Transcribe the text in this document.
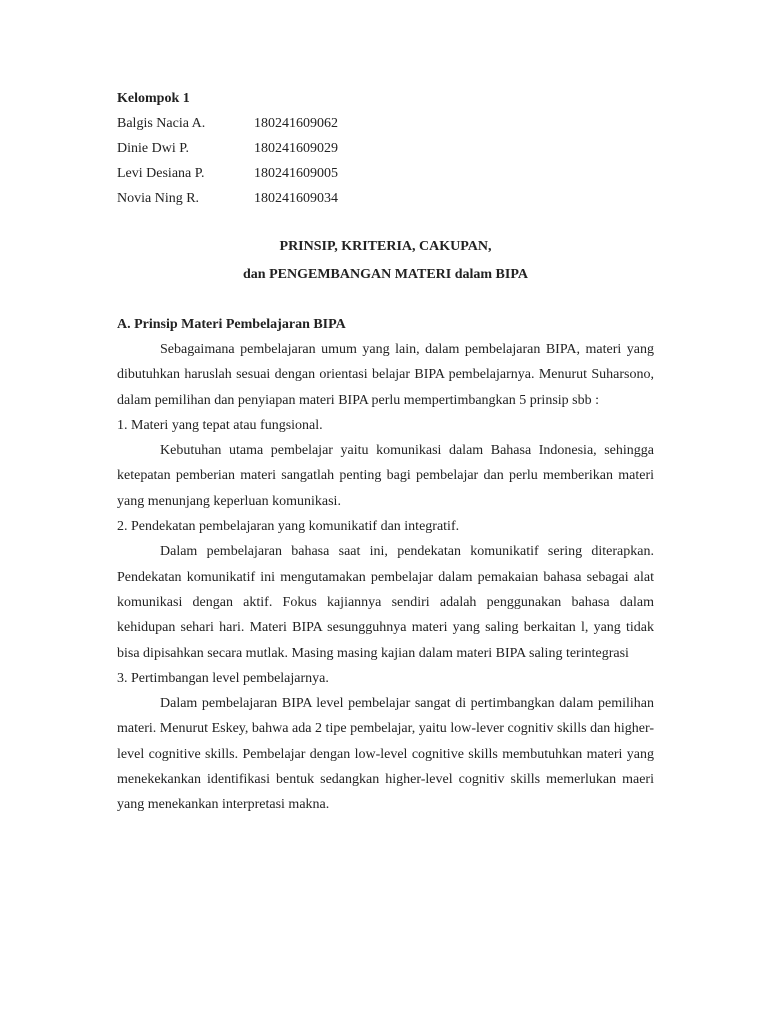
Kelompok 1
Balgis Nacia A.	180241609062
Dinie Dwi P.	180241609029
Levi Desiana P.	180241609005
Novia Ning R.	180241609034
PRINSIP, KRITERIA, CAKUPAN,
dan PENGEMBANGAN MATERI dalam BIPA
A. Prinsip Materi Pembelajaran BIPA

Sebagaimana pembelajaran umum yang lain, dalam pembelajaran BIPA, materi yang dibutuhkan haruslah sesuai dengan orientasi belajar BIPA pembelajarnya. Menurut Suharsono, dalam pemilihan dan penyiapan materi BIPA perlu mempertimbangkan 5 prinsip sbb :

1. Materi yang tepat atau fungsional.

Kebutuhan utama pembelajar yaitu komunikasi dalam Bahasa Indonesia, sehingga ketepatan pemberian materi sangatlah penting bagi pembelajar dan perlu memberikan materi yang menunjang keperluan komunikasi.

2. Pendekatan pembelajaran yang komunikatif dan integratif.

Dalam pembelajaran bahasa saat ini, pendekatan komunikatif sering diterapkan. Pendekatan komunikatif ini mengutamakan pembelajar dalam pemakaian bahasa sebagai alat komunikasi dengan aktif. Fokus kajiannya sendiri adalah penggunakan bahasa dalam kehidupan sehari hari. Materi BIPA sesungguhnya materi yang saling berkaitan l, yang tidak bisa dipisahkan secara mutlak. Masing masing kajian dalam materi BIPA saling terintegrasi

3. Pertimbangan level pembelajarnya.

Dalam pembelajaran BIPA level pembelajar sangat di pertimbangkan dalam pemilihan materi. Menurut Eskey, bahwa ada 2 tipe pembelajar, yaitu low-lever cognitiv skills dan higher-level cognitive skills. Pembelajar dengan low-level cognitive skills membutuhkan materi yang menekekankan identifikasi bentuk sedangkan higher-level cognitiv skills memerlukan maeri yang menekankan interpretasi makna.
